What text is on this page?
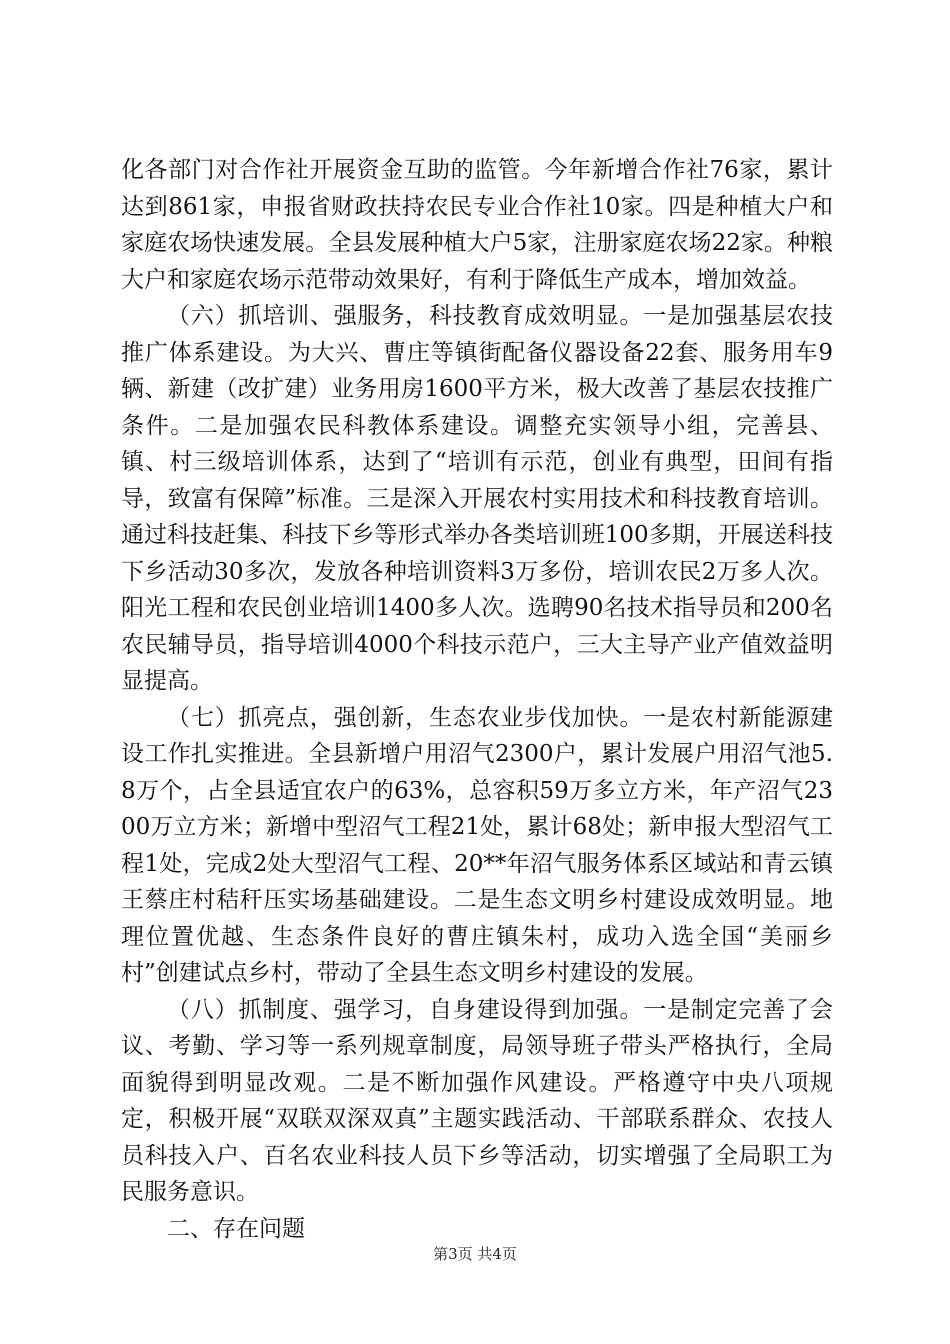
化各部门对合作社开展资金互助的监管。今年新增合作社76家，累计达到861家，申报省财政扶持农民专业合作社10家。四是种植大户和家庭农场快速发展。全县发展种植大户5家，注册家庭农场22家。种粮大户和家庭农场示范带动效果好，有利于降低生产成本，增加效益。

（六）抓培训、强服务，科技教育成效明显。一是加强基层农技推广体系建设。为大兴、曹庄等镇街配备仪器设备22套、服务用车9辆、新建（改扩建）业务用房1600平方米，极大改善了基层农技推广条件。二是加强农民科教体系建设。调整充实领导小组，完善县、镇、村三级培训体系，达到了“培训有示范，创业有典型，田间有指导，致富有保障”标准。三是深入开展农村实用技术和科技教育培训。通过科技赶集、科技下乡等形式举办各类培训班100多期，开展送科技下乡活动30多次，发放各种培训资料3万多份，培训农民2万多人次。阳光工程和农民创业培训1400多人次。选聘90名技术指导员和200名农民辅导员，指导培训4000个科技示范户，三大主导产业产值效益明显提高。

（七）抓亮点，强创新，生态农业步伐加快。一是农村新能源建设工作扎实推进。全县新增户用沼气2300户，累计发展户用沼气池5.8万个，占全县适宜农户的63%，总容积59万多立方米，年产沼气2300万立方米；新增中型沼气工程21处，累计68处；新申报大型沼气工程1处，完成2处大型沼气工程、20**年沼气服务体系区域站和青云镇王蔡庄村秸秆压实场基础建设。二是生态文明乡村建设成效明显。地理位置优越、生态条件良好的曹庄镇朱村，成功入选全国“美丽乡村”创建试点乡村，带动了全县生态文明乡村建设的发展。

（八）抓制度、强学习，自身建设得到加强。一是制定完善了会议、考勤、学习等一系列规章制度，局领导班子带头严格执行，全局面貌得到明显改观。二是不断加强作风建设。严格遵守中央八项规定，积极开展“双联双深双真”主题实践活动、干部联系群众、农技人员科技入户、百名农业科技人员下乡等活动，切实增强了全局职工为民服务意识。

二、存在问题

第3页 共4页
